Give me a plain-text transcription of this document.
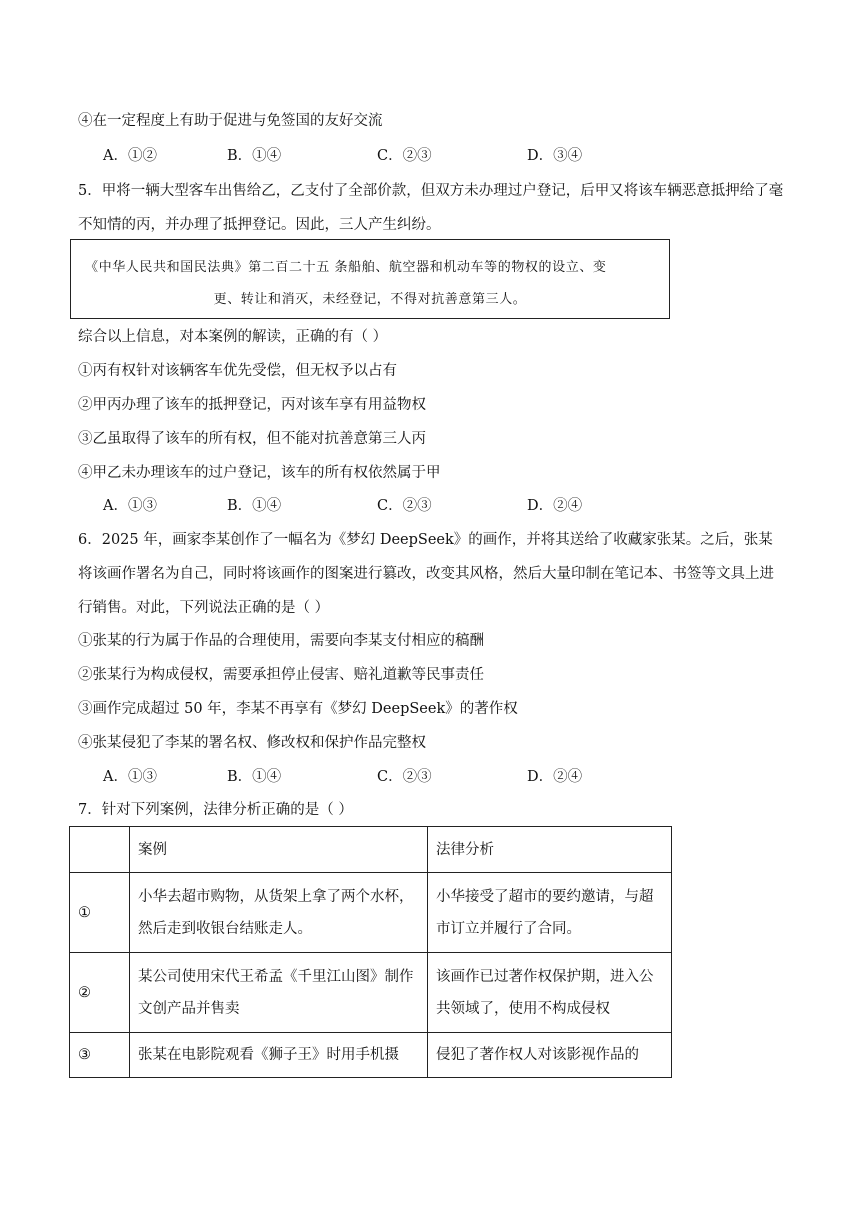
④在一定程度上有助于促进与免签国的友好交流
A．①②	B．①④	C．②③	D．③④
5．甲将一辆大型客车出售给乙，乙支付了全部价款，但双方未办理过户登记，后甲又将该车辆恶意抵押给了毫不知情的丙，并办理了抵押登记。因此，三人产生纠纷。
《中华人民共和国民法典》第二百二十五 条船舶、航空器和机动车等的物权的设立、变
更、转让和消灭，未经登记，不得对抗善意第三人。
综合以上信息，对本案例的解读，正确的有（ ）
①丙有权针对该辆客车优先受偿，但无权予以占有
②甲丙办理了该车的抵押登记，丙对该车享有用益物权
③乙虽取得了该车的所有权，但不能对抗善意第三人丙
④甲乙未办理该车的过户登记，该车的所有权依然属于甲
A．①③	B．①④	C．②③	D．②④
6．2025 年，画家李某创作了一幅名为《梦幻 DeepSeek》的画作，并将其送给了收藏家张某。之后，张某将该画作署名为自己，同时将该画作的图案进行篡改，改变其风格，然后大量印制在笔记本、书签等文具上进行销售。对此，下列说法正确的是（ ）
①张某的行为属于作品的合理使用，需要向李某支付相应的稿酬
②张某行为构成侵权，需要承担停止侵害、赔礼道歉等民事责任
③画作完成超过 50 年，李某不再享有《梦幻 DeepSeek》的著作权
④张某侵犯了李某的署名权、修改权和保护作品完整权
A．①③	B．①④	C．②③	D．②④
7．针对下列案例，法律分析正确的是（ ）
	案例	法律分析
①	小华去超市购物，从货架上拿了两个水杯，然后走到收银台结账走人。	小华接受了超市的要约邀请，与超市订立并履行了合同。
②	某公司使用宋代王希孟《千里江山图》制作文创产品并售卖	该画作已过著作权保护期，进入公共领域了，使用不构成侵权
③	张某在电影院观看《狮子王》时用手机摄	侵犯了著作权人对该影视作品的
